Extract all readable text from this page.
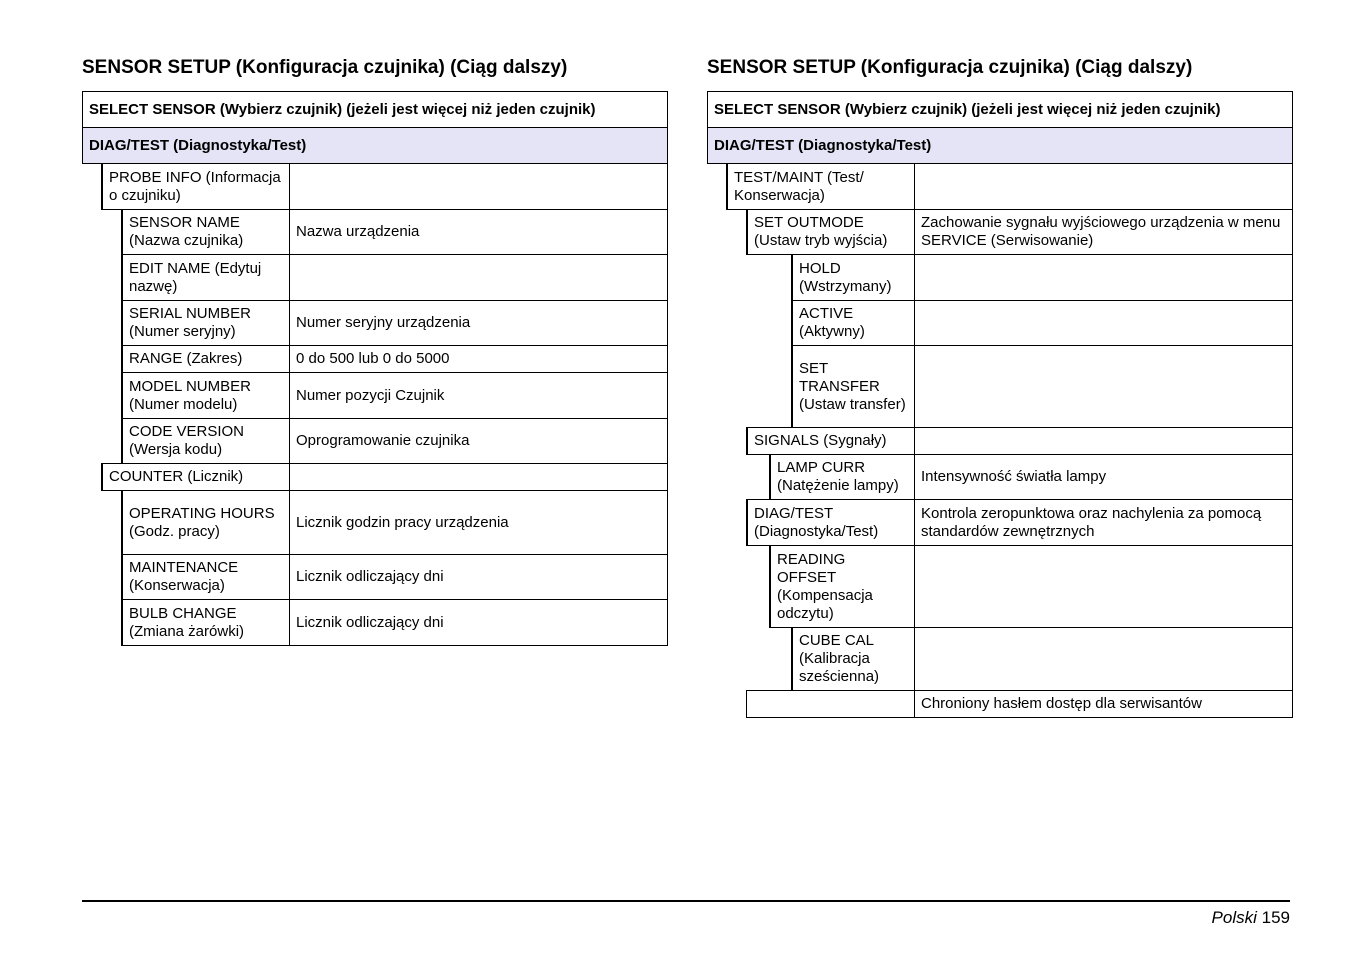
SENSOR SETUP (Konfiguracja czujnika) (Ciąg dalszy)
SELECT SENSOR (Wybierz czujnik) (jeżeli jest więcej niż jeden czujnik)
DIAG/TEST (Diagnostyka/Test)
PROBE INFO (Informacja o czujniku)
SENSOR NAME (Nazwa czujnika)
Nazwa urządzenia
EDIT NAME (Edytuj nazwę)
SERIAL NUMBER (Numer seryjny)
Numer seryjny urządzenia
RANGE (Zakres)	0 do 500 lub 0 do 5000
MODEL NUMBER (Numer modelu)
Numer pozycji Czujnik
CODE VERSION (Wersja kodu)
Oprogramowanie czujnika
COUNTER (Licznik)
OPERATING HOURS (Godz. pracy)
Licznik godzin pracy urządzenia
MAINTENANCE (Konserwacja)
Licznik odliczający dni
BULB CHANGE (Zmiana żarówki)
Licznik odliczający dni
SENSOR SETUP (Konfiguracja czujnika) (Ciąg dalszy)
SELECT SENSOR (Wybierz czujnik) (jeżeli jest więcej niż jeden czujnik)
DIAG/TEST (Diagnostyka/Test)
TEST/MAINT (Test/ Konserwacja)
SET OUTMODE (Ustaw tryb wyjścia)
Zachowanie sygnału wyjściowego urządzenia w menu SERVICE (Serwisowanie)
HOLD (Wstrzymany)
ACTIVE (Aktywny)
SET TRANSFER (Ustaw transfer)
SIGNALS (Sygnały)
LAMP CURR (Natężenie lampy)
Intensywność światła lampy
DIAG/TEST (Diagnostyka/Test)
Kontrola zeropunktowa oraz nachylenia za pomocą standardów zewnętrznych
READING OFFSET (Kompensacja odczytu)
CUBE CAL (Kalibracja sześcienna)
Chroniony hasłem dostęp dla serwisantów
Polski 159
